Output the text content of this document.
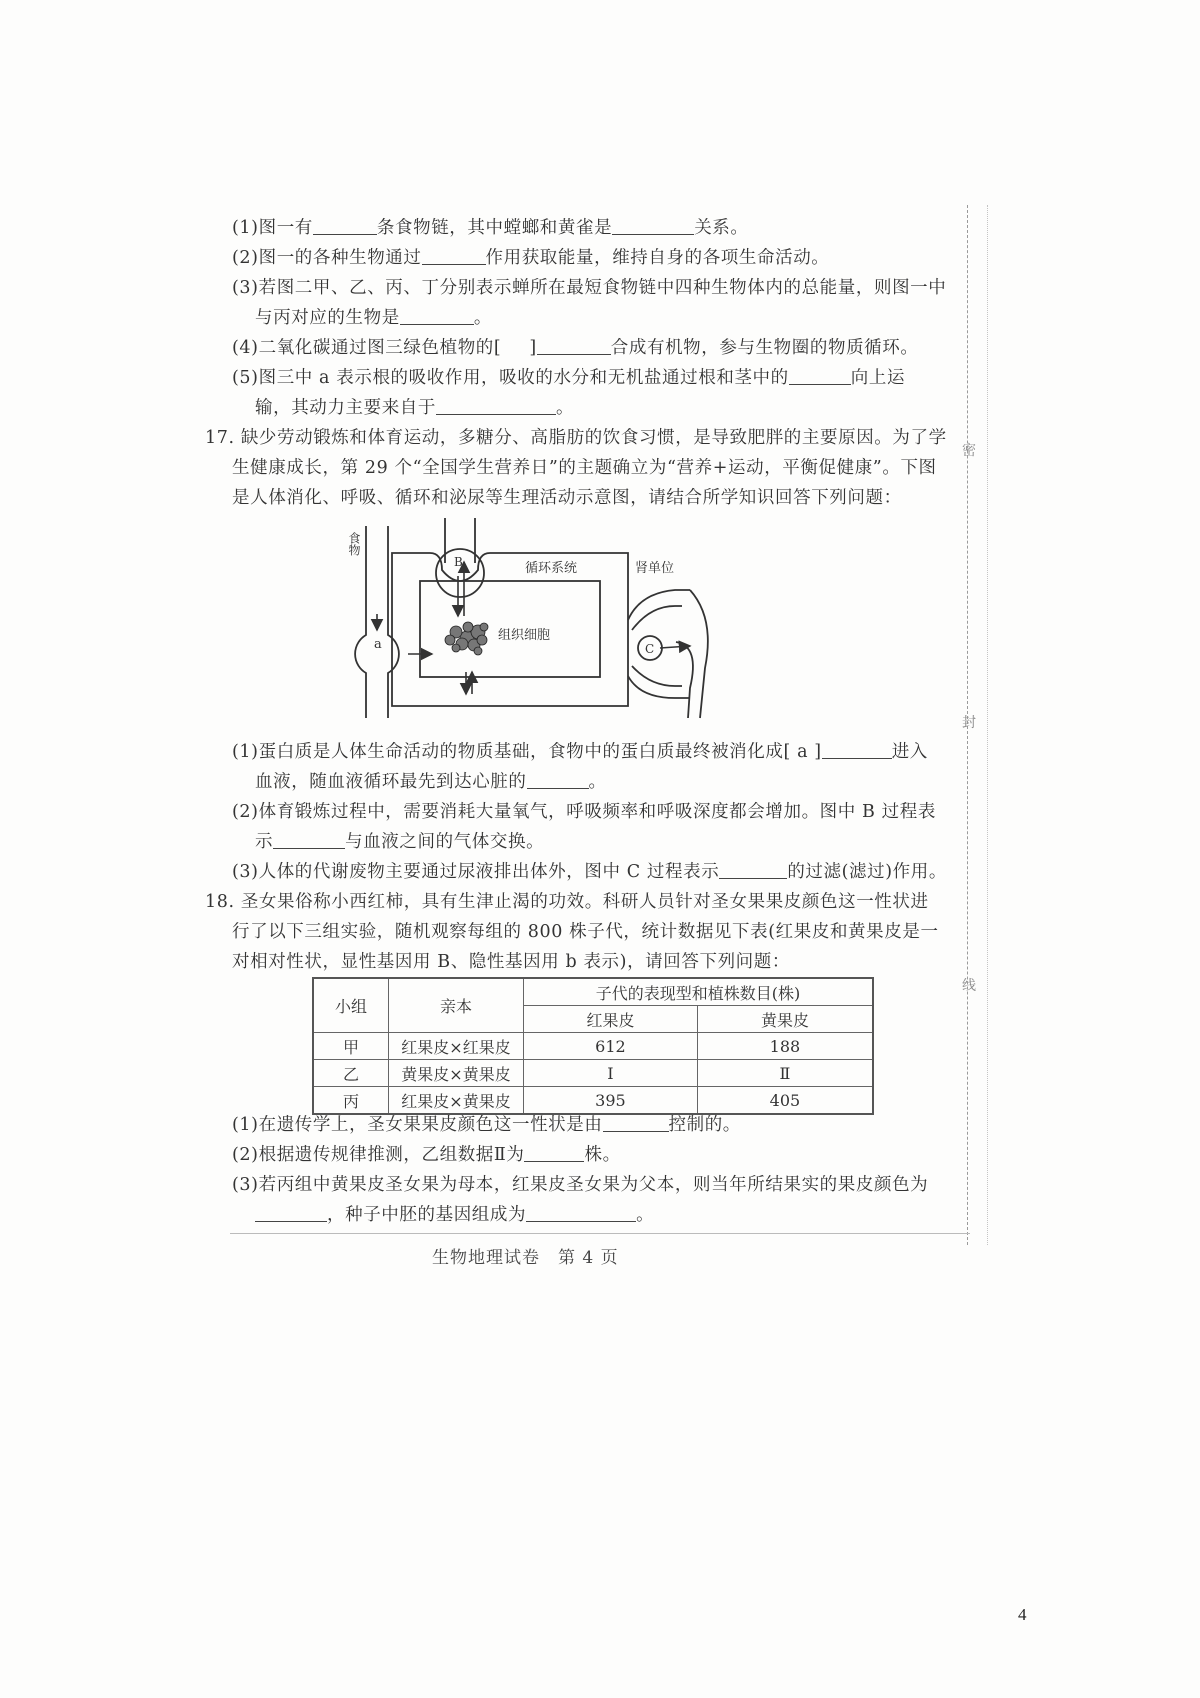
密
封
线
(1)图一有	条食物链，其中螳螂和黄雀是	关系。
(2)图一的各种生物通过	作用获取能量，维持自身的各项生命活动。
(3)若图二甲、乙、丙、丁分别表示蝉所在最短食物链中四种生物体内的总能量，则图一中
与丙对应的生物是	。
(4)二氧化碳通过图三绿色植物的[ ]	合成有机物，参与生物圈的物质循环。
(5)图三中 a 表示根的吸收作用，吸收的水分和无机盐通过根和茎中的	向上运
输，其动力主要来自于	。
17. 缺少劳动锻炼和体育运动，多糖分、高脂肪的饮食习惯，是导致肥胖的主要原因。为了学
生健康成长，第 29 个“全国学生营养日”的主题确立为“营养+运动，平衡促健康”。下图
是人体消化、呼吸、循环和泌尿等生理活动示意图，请结合所学知识回答下列问题：
食物
a
B
C
循环系统
组织细胞
肾单位
(1)蛋白质是人体生命活动的物质基础，食物中的蛋白质最终被消化成[ a ]	进入
血液，随血液循环最先到达心脏的	。
(2)体育锻炼过程中，需要消耗大量氧气，呼吸频率和呼吸深度都会增加。图中 B 过程表
示	与血液之间的气体交换。
(3)人体的代谢废物主要通过尿液排出体外，图中 C 过程表示	的过滤(滤过)作用。
18. 圣女果俗称小西红柿，具有生津止渴的功效。科研人员针对圣女果果皮颜色这一性状进
行了以下三组实验，随机观察每组的 800 株子代，统计数据见下表(红果皮和黄果皮是一
对相对性状，显性基因用 B、隐性基因用 b 表示)，请回答下列问题：
小组	亲本	子代的表现型和植株数目(株)	
		红果皮	黄果皮
甲	红果皮×红果皮	612	188
乙	黄果皮×黄果皮	Ⅰ	Ⅱ
丙	红果皮×黄果皮	395	405
(1)在遗传学上，圣女果果皮颜色这一性状是由	控制的。
(2)根据遗传规律推测，乙组数据Ⅱ为	株。
(3)若丙组中黄果皮圣女果为母本，红果皮圣女果为父本，则当年所结果实的果皮颜色为
，种子中胚的基因组成为	。
生物地理试卷　第 4 页
4
